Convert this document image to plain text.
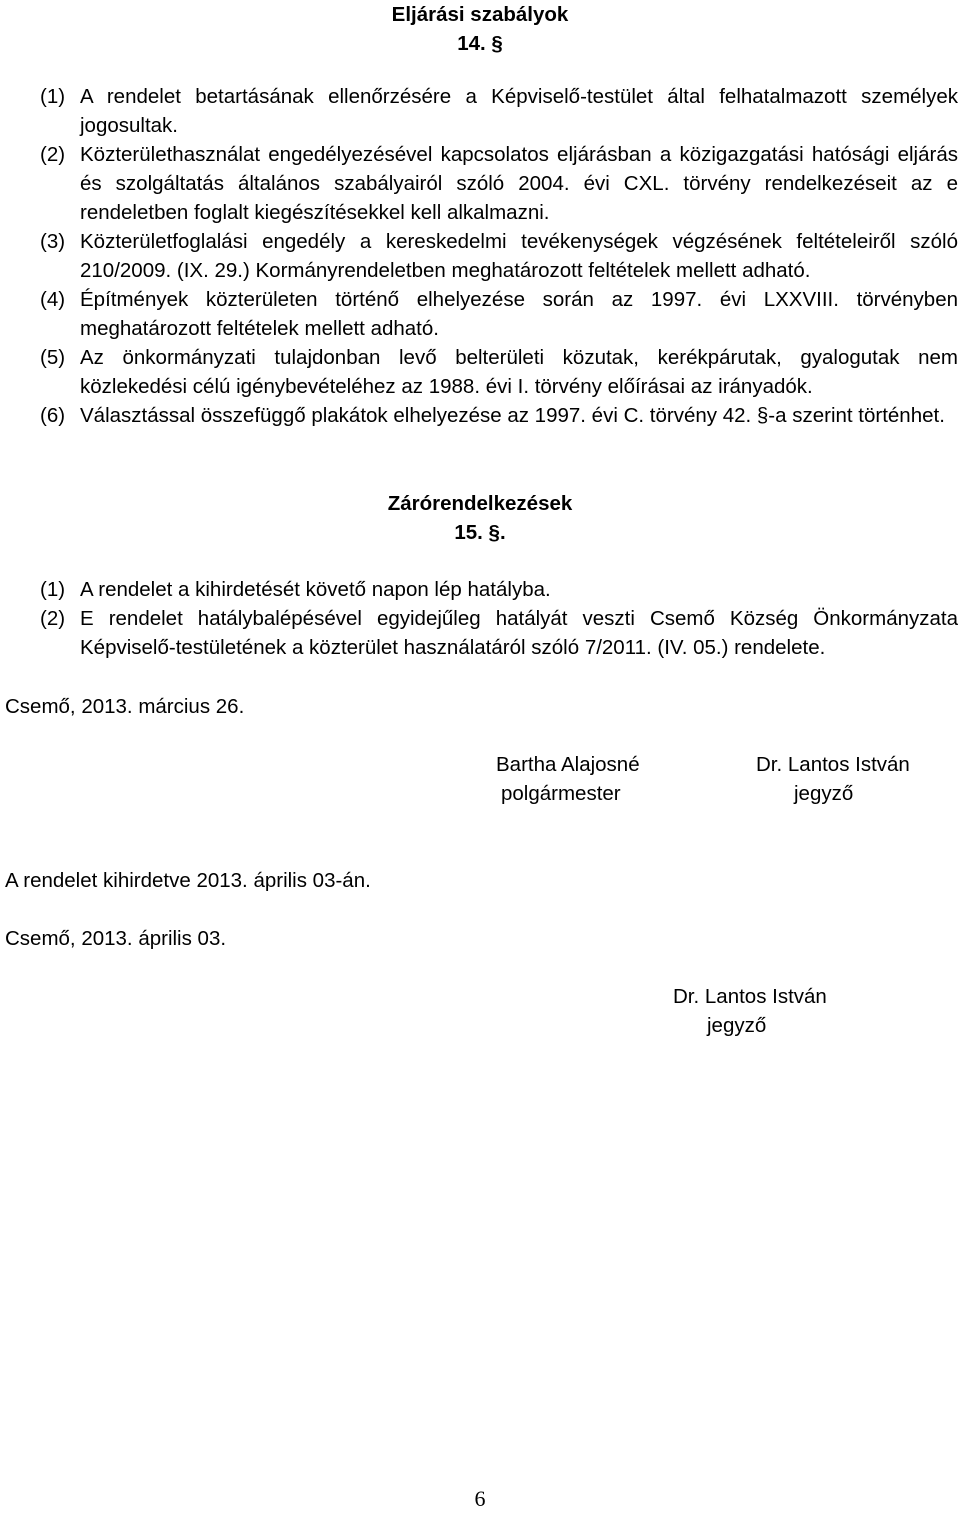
Eljárási szabályok
14. §
(1) A rendelet betartásának ellenőrzésére a Képviselő-testület által felhatalmazott személyek jogosultak.
(2) Közterülethasználat engedélyezésével kapcsolatos eljárásban a közigazgatási hatósági eljárás és szolgáltatás általános szabályairól szóló 2004. évi CXL. törvény rendelkezéseit az e rendeletben foglalt kiegészítésekkel kell alkalmazni.
(3) Közterületfoglalási engedély a kereskedelmi tevékenységek végzésének feltételeiről szóló 210/2009. (IX. 29.) Kormányrendeletben meghatározott feltételek mellett adható.
(4) Építmények közterületen történő elhelyezése során az 1997. évi LXXVIII. törvényben meghatározott feltételek mellett adható.
(5) Az önkormányzati tulajdonban levő belterületi közutak, kerékpárutak, gyalogutak nem közlekedési célú igénybevételéhez az 1988. évi I. törvény előírásai az irányadók.
(6) Választással összefüggő plakátok elhelyezése az 1997. évi C. törvény 42. §-a szerint történhet.
Zárórendelkezések
15. §.
(1) A rendelet a kihirdetését követő napon lép hatályba.
(2) E rendelet hatálybalépésével egyidejűleg hatályát veszti Csemő Község Önkormányzata Képviselő-testületének a közterület használatáról szóló 7/2011. (IV. 05.) rendelete.
Csemő, 2013. március 26.
Bartha Alajosné
polgármester
Dr. Lantos István
jegyző
A rendelet kihirdetve 2013. április 03-án.
Csemő, 2013. április 03.
Dr. Lantos István
jegyző
6
